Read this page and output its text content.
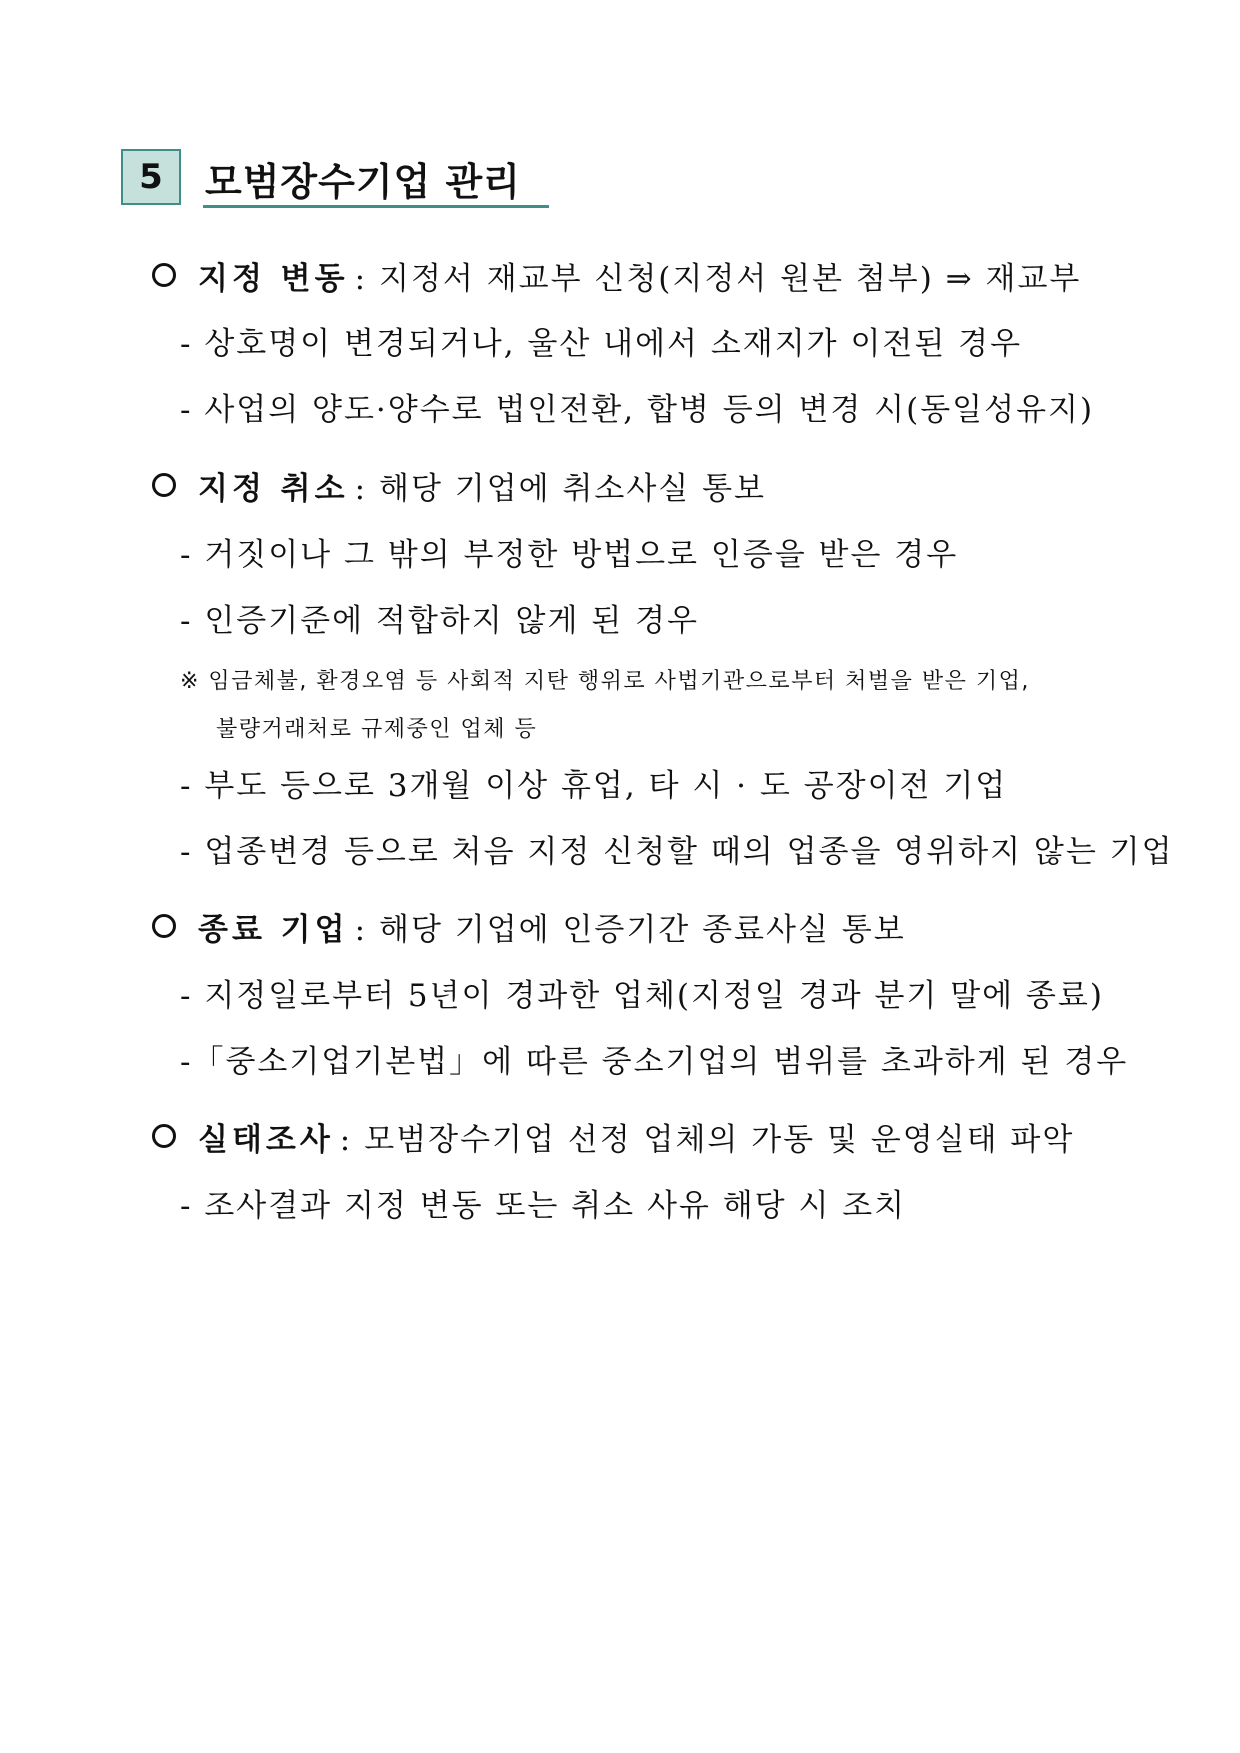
5	모범장수기업 관리
지정 변동 : 지정서 재교부 신청(지정서 원본 첨부) ⇒ 재교부
- 상호명이 변경되거나, 울산 내에서 소재지가 이전된 경우
- 사업의 양도·양수로 법인전환, 합병 등의 변경 시(동일성유지)
지정 취소 : 해당 기업에 취소사실 통보
- 거짓이나 그 밖의 부정한 방법으로 인증을 받은 경우
- 인증기준에 적합하지 않게 된 경우
※ 임금체불, 환경오염 등 사회적 지탄 행위로 사법기관으로부터 처벌을 받은 기업,
불량거래처로 규제중인 업체 등
- 부도 등으로 3개월 이상 휴업, 타 시 · 도 공장이전 기업
- 업종변경 등으로 처음 지정 신청할 때의 업종을 영위하지 않는 기업
종료 기업 : 해당 기업에 인증기간 종료사실 통보
- 지정일로부터 5년이 경과한 업체(지정일 경과 분기 말에 종료)
-「중소기업기본법」에 따른 중소기업의 범위를 초과하게 된 경우
실태조사 : 모범장수기업 선정 업체의 가동 및 운영실태 파악
- 조사결과 지정 변동 또는 취소 사유 해당 시 조치
